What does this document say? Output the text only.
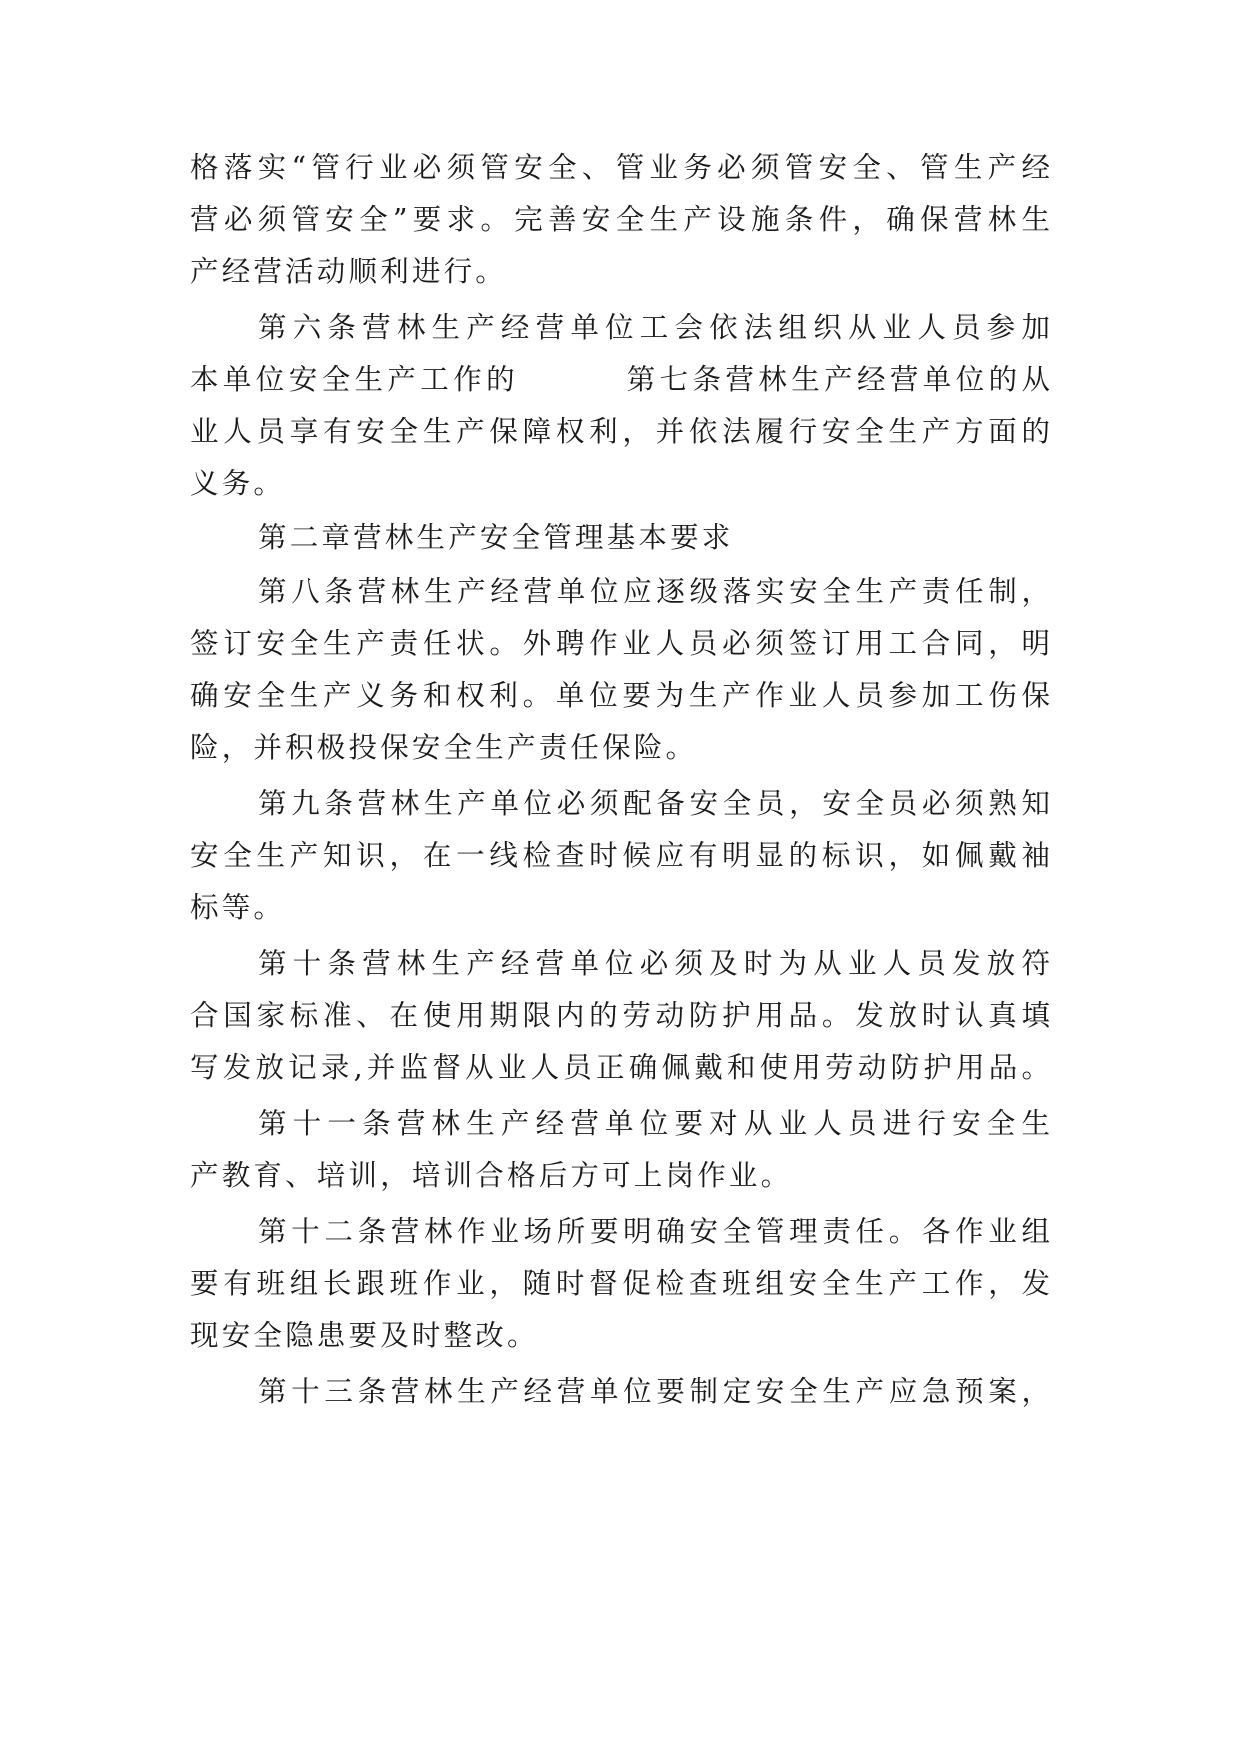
格落实“管行业必须管安全、管业务必须管安全、管生产经
营必须管安全”要求。完善安全生产设施条件，确保营林生
产经营活动顺利进行。
第六条营林生产经营单位工会依法组织从业人员参加
本单位安全生产工作的        第七条营林生产经营单位的从
业人员享有安全生产保障权利，并依法履行安全生产方面的
义务。
第二章营林生产安全管理基本要求
第八条营林生产经营单位应逐级落实安全生产责任制，
签订安全生产责任状。外聘作业人员必须签订用工合同，明
确安全生产义务和权利。单位要为生产作业人员参加工伤保
险，并积极投保安全生产责任保险。
第九条营林生产单位必须配备安全员，安全员必须熟知
安全生产知识，在一线检查时候应有明显的标识，如佩戴袖
标等。
第十条营林生产经营单位必须及时为从业人员发放符
合国家标准、在使用期限内的劳动防护用品。发放时认真填
写发放记录,并监督从业人员正确佩戴和使用劳动防护用品。
第十一条营林生产经营单位要对从业人员进行安全生
产教育、培训，培训合格后方可上岗作业。
第十二条营林作业场所要明确安全管理责任。各作业组
要有班组长跟班作业，随时督促检查班组安全生产工作，发
现安全隐患要及时整改。
第十三条营林生产经营单位要制定安全生产应急预案，
